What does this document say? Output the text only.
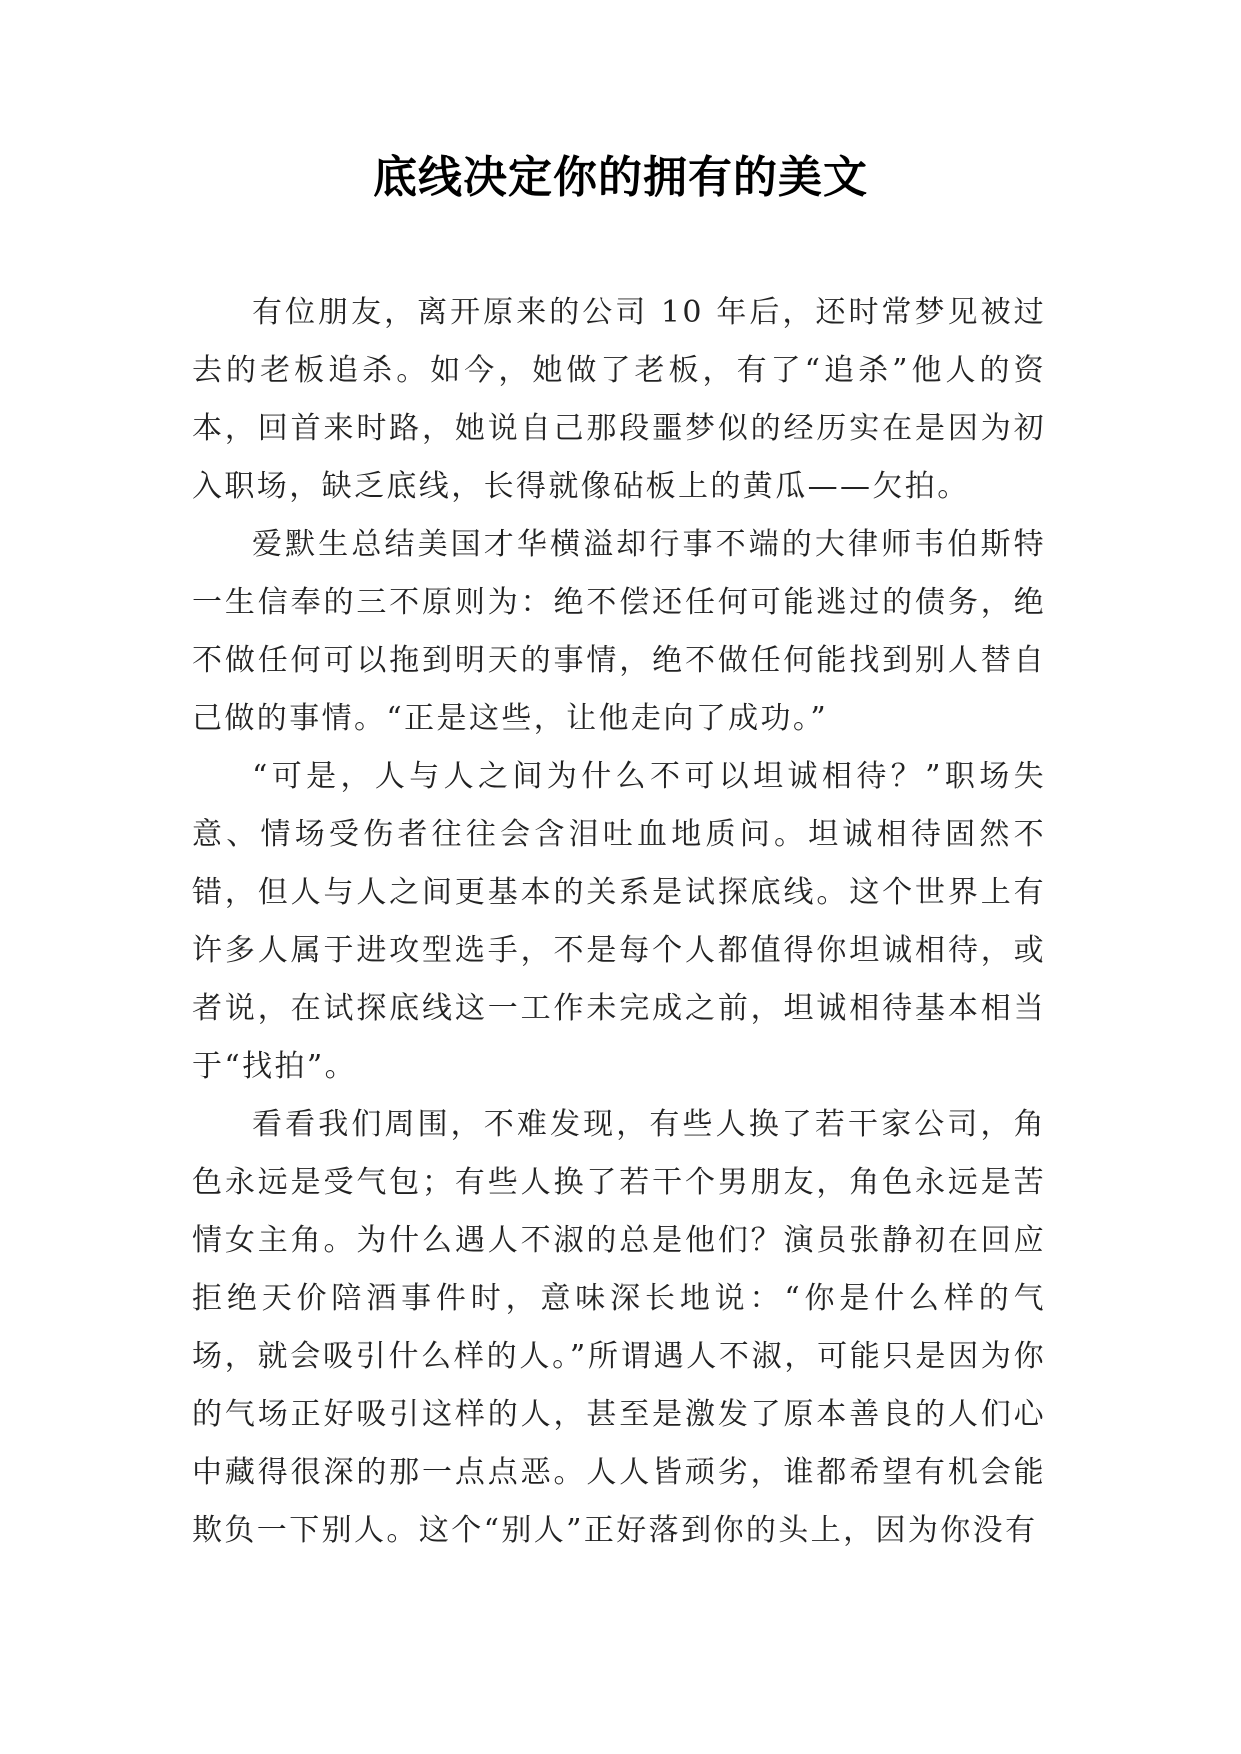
底线决定你的拥有的美文

有位朋友，离开原来的公司 10 年后，还时常梦见被过去的老板追杀。如今，她做了老板，有了“追杀”他人的资本，回首来时路，她说自己那段噩梦似的经历实在是因为初入职场，缺乏底线，长得就像砧板上的黄瓜——欠拍。

爱默生总结美国才华横溢却行事不端的大律师韦伯斯特一生信奉的三不原则为：绝不偿还任何可能逃过的债务，绝不做任何可以拖到明天的事情，绝不做任何能找到别人替自己做的事情。“正是这些，让他走向了成功。”

“可是，人与人之间为什么不可以坦诚相待？”职场失意、情场受伤者往往会含泪吐血地质问。坦诚相待固然不错，但人与人之间更基本的关系是试探底线。这个世界上有许多人属于进攻型选手，不是每个人都值得你坦诚相待，或者说，在试探底线这一工作未完成之前，坦诚相待基本相当于“找拍”。

看看我们周围，不难发现，有些人换了若干家公司，角色永远是受气包；有些人换了若干个男朋友，角色永远是苦情女主角。为什么遇人不淑的总是他们？演员张静初在回应拒绝天价陪酒事件时，意味深长地说：“你是什么样的气场，就会吸引什么样的人。”所谓遇人不淑，可能只是因为你的气场正好吸引这样的人，甚至是激发了原本善良的人们心中藏得很深的那一点点恶。人人皆顽劣，谁都希望有机会能欺负一下别人。这个“别人”正好落到你的头上，因为你没有
